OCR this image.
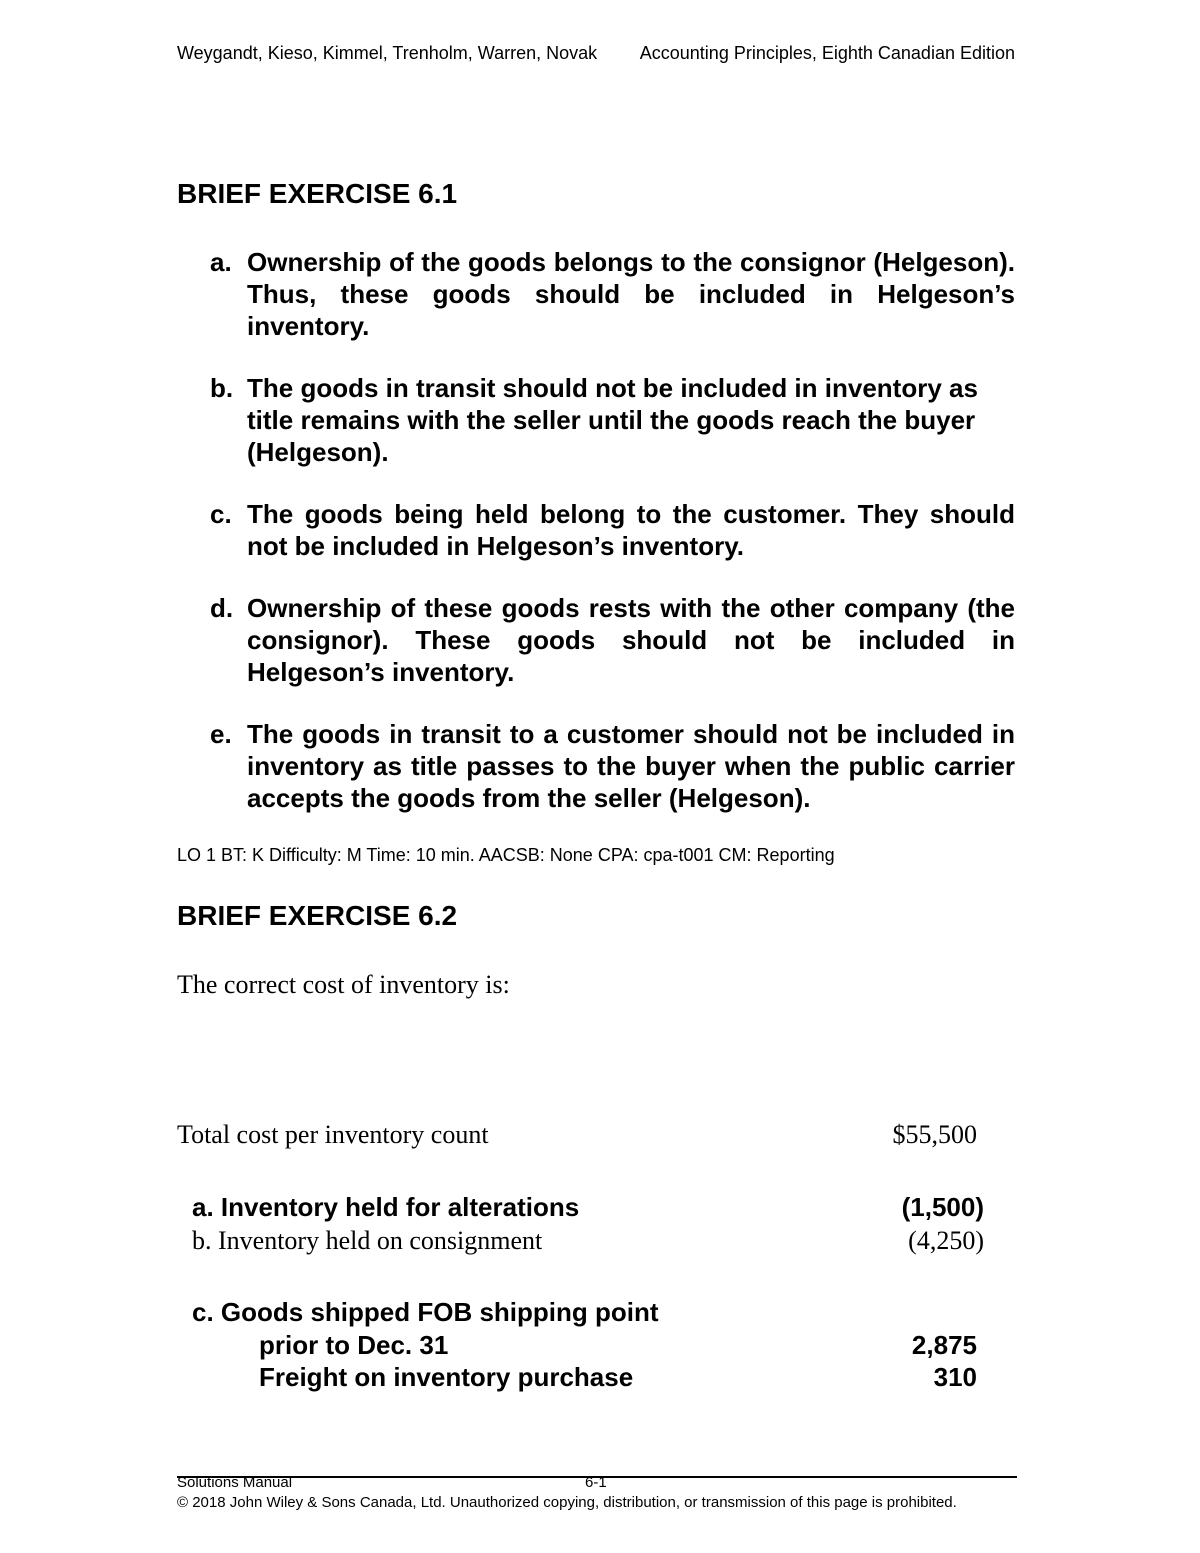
Weygandt, Kieso, Kimmel, Trenholm, Warren, Novak Accounting Principles, Eighth Canadian Edition
BRIEF EXERCISE 6.1
a. Ownership of the goods belongs to the consignor (Helgeson). Thus, these goods should be included in Helgeson’s inventory.
b. The goods in transit should not be included in inventory as title remains with the seller until the goods reach the buyer (Helgeson).
c. The goods being held belong to the customer. They should not be included in Helgeson’s inventory.
d. Ownership of these goods rests with the other company (the consignor). These goods should not be included in Helgeson’s inventory.
e. The goods in transit to a customer should not be included in inventory as title passes to the buyer when the public carrier accepts the goods from the seller (Helgeson).
LO 1 BT: K Difficulty: M Time: 10 min. AACSB: None CPA: cpa-t001 CM: Reporting
BRIEF EXERCISE 6.2
The correct cost of inventory is:
Total cost per inventory count	$55,500
a. Inventory held for alterations	(1,500)
b. Inventory held on consignment	(4,250)
c. Goods shipped FOB shipping point
prior to Dec. 31	2,875
Freight on inventory purchase	310
Solutions Manual	6-1
© 2018 John Wiley & Sons Canada, Ltd. Unauthorized copying, distribution, or transmission of this page is prohibited.
